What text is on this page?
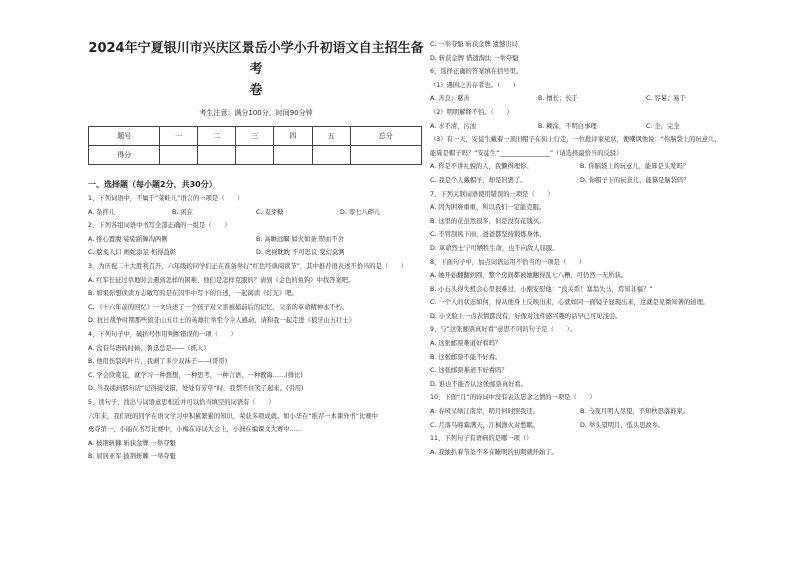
2024年宁夏银川市兴庆区景岳小学小升初语文自主招生备考
卷
考生注意：满分100分，时间90分钟
题号	一	二	三	四	五	总分
得分						
一、选择题（每小题2分，共30分）
1、下列词语中，不属于“菜畦儿”语言的一项是（　　）
A. 杂拌儿	B. 闲在	C. 麦芽糖	D. 零七八碎儿
2、下列各组词语中书写全部正确的一组是（　　）
A. 推心置腹 娑娑蹈舞沟两侧	B. 高瞻远瞩 如火如荼 锲而不舍
C. 脍炙人口 画蛇添足 相得益彰	D. 虎视眈眈 不可思议 变幻莫测
3、为庆祝二十大胜利召开，六年级的同学们正在准备举行“红色经典阅读节”，其中推荐语表述不恰当的是（　　）
A. 红军长征过草地时会遇到怎样的困难，他们是怎样克服的？请到《金色的鱼钩》中找答案吧。
B. 如果你想读读方志敏写的是在囚牢中写下的自述，一起阅读《灯光》吧。
C. 《十六年前的回忆》一文诗述了一个孩子对父亲被捕前后的记忆，父亲的革命精神永不朽。
D. 抗日战争时期那些狼牙山五壮士的英雄壮举至今令人感动，请和我一起走进《狼牙山五壮士》
4、下列句子中，破折号作用判断错误的一项（　　）
A. 没有鸟语的时候，鲁迅总是——（抓人）
B. 他用伤裂的叶片，我剥了多少双袜子——(哥哥)
C. 学会欣赏花，就学习一种想想，一种思考，一种言语，一种教诲……(排比)
D. 当我读到那句话“记得接受错，处处有芳草”时，我禁不住笑了起来。(引用)
5、读句子，找出与词语意思相近并可以恰当填空的词语有（　　）
六年来，我们班的同学在语文学习中积累繁累的知识，荣获多项成就。如小华在“推荐一本课外书”比赛中
勇夺第一，小丽在书写比赛中，小梅在诗词大会上，小洲在编课文大赛中……
A. 披荆斩棘 斩获金牌 一举夺魁
B. 屈居亚军 披荆斩棘 一举夺魁
C. 一举夺魁 斩获金牌 遗憾出局
D. 斩获金牌 惜遗淘汰 一举夺魁
6、选择正确的答案填在括号里。
（1）遇困之善存者也。（　　）
A. 善良；慈善	B. 擅长；长于	C. 容易；易于
（2）明明解释不怕。（　　）
A. 水不清，污浊	B. 糊涂，不明白事理	C. 全，完全
（3）有一天，安徒生戴着一顶旧帽子在街上行走，一位批评家见状，便嘲讽他说：“你脑袋上的玩意儿，
能算是帽子吗？”安徒生“________________”（请选择最恰当的反驳）
A. 你是不讲礼貌的人，我懒得理你。	B. 你脑袋上的玩意儿，能算是头发吗？
C. 我是个人戴帽子，却是旧罢了。	D. 你帽子下的玩意儿，能算是脑袋吗？
7、下列关联词语使用错误的一项是（　　）
A. 因为困难重重，所以我们一定能克服。
B. 这里的花虽然很多，但是没有花钱买。
C. 不管刮风下雨，爸爸都坚持锻炼身体。
D. 革命烈士宁可牺牲生命，也不向敌人屈服。
8、下面句子中，加点词语运用不恰当的一项是（　　）
A. 她开始翻翻到圆，整个房间都被她翻得乱七八糟，可仍然一无所获。
B. 小石头得失机会心里很难过，小刚安慰他：“没关系！塞翁失马，焉知非福？”
C. 一个人的状态如何，得从他身上反映出来，心就如同一面镜子显现出来，这就是见微知著的道理。
D. 小文脸上一点表情都没有，好像对这件感兴趣的话早已可见浅尝。
9、与“这张邮票真好看”意思不同的句子是（　　）。
A. 这张邮票难道好看吗？
B. 这张邮票不能不好看。
C. 这张邮票难道不好看吗？
D. 谁也不能否认这张邮票真好看。
10、下面“月”的诗词中没有表达思念之情的一项是（　　）
A. 春风又绿江南岸，明月何时照我还。	B. 今夜月明人尽望，不知秋思落谁家。
C. 月落乌啼霜满天，江枫渔火对愁眠。	D. 举头望明月，低头思故乡。
11、下列句子有语病的是哪一项（）
A. 我抽扒着节荃不多在睡明的初期就开始了。
